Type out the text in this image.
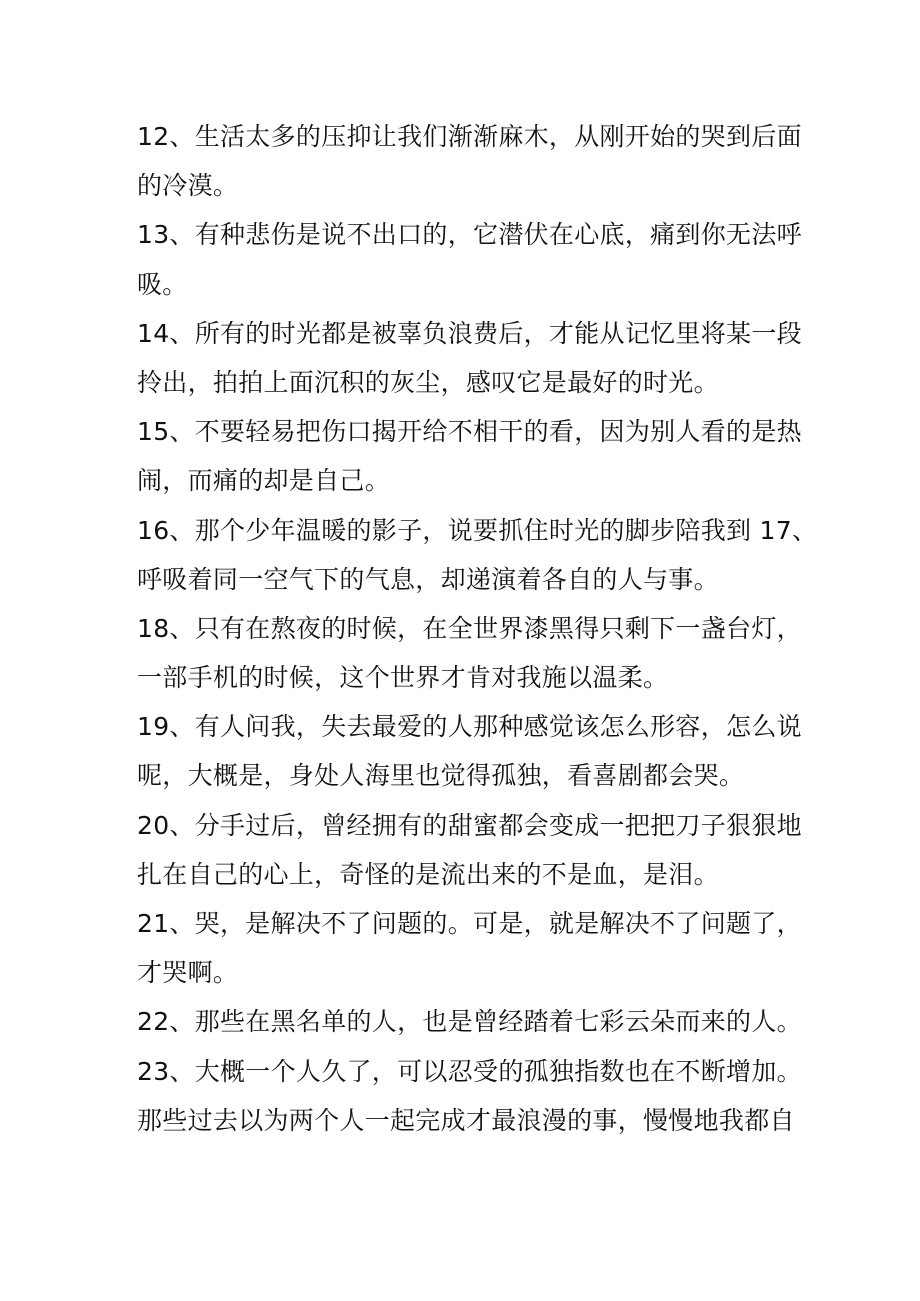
12、生活太多的压抑让我们渐渐麻木，从刚开始的哭到后面
的冷漠。
13、有种悲伤是说不出口的，它潜伏在心底，痛到你无法呼
吸。
14、所有的时光都是被辜负浪费后，才能从记忆里将某一段
拎出，拍拍上面沉积的灰尘，感叹它是最好的时光。
15、不要轻易把伤口揭开给不相干的看，因为别人看的是热
闹，而痛的却是自己。
16、那个少年温暖的影子，说要抓住时光的脚步陪我到 17、
呼吸着同一空气下的气息，却递演着各自的人与事。
18、只有在熬夜的时候，在全世界漆黑得只剩下一盏台灯，
一部手机的时候，这个世界才肯对我施以温柔。
19、有人问我，失去最爱的人那种感觉该怎么形容，怎么说
呢，大概是，身处人海里也觉得孤独，看喜剧都会哭。
20、分手过后，曾经拥有的甜蜜都会变成一把把刀子狠狠地
扎在自己的心上，奇怪的是流出来的不是血，是泪。
21、哭，是解决不了问题的。可是，就是解决不了问题了，
才哭啊。
22、那些在黑名单的人，也是曾经踏着七彩云朵而来的人。
23、大概一个人久了，可以忍受的孤独指数也在不断增加。
那些过去以为两个人一起完成才最浪漫的事，慢慢地我都自
